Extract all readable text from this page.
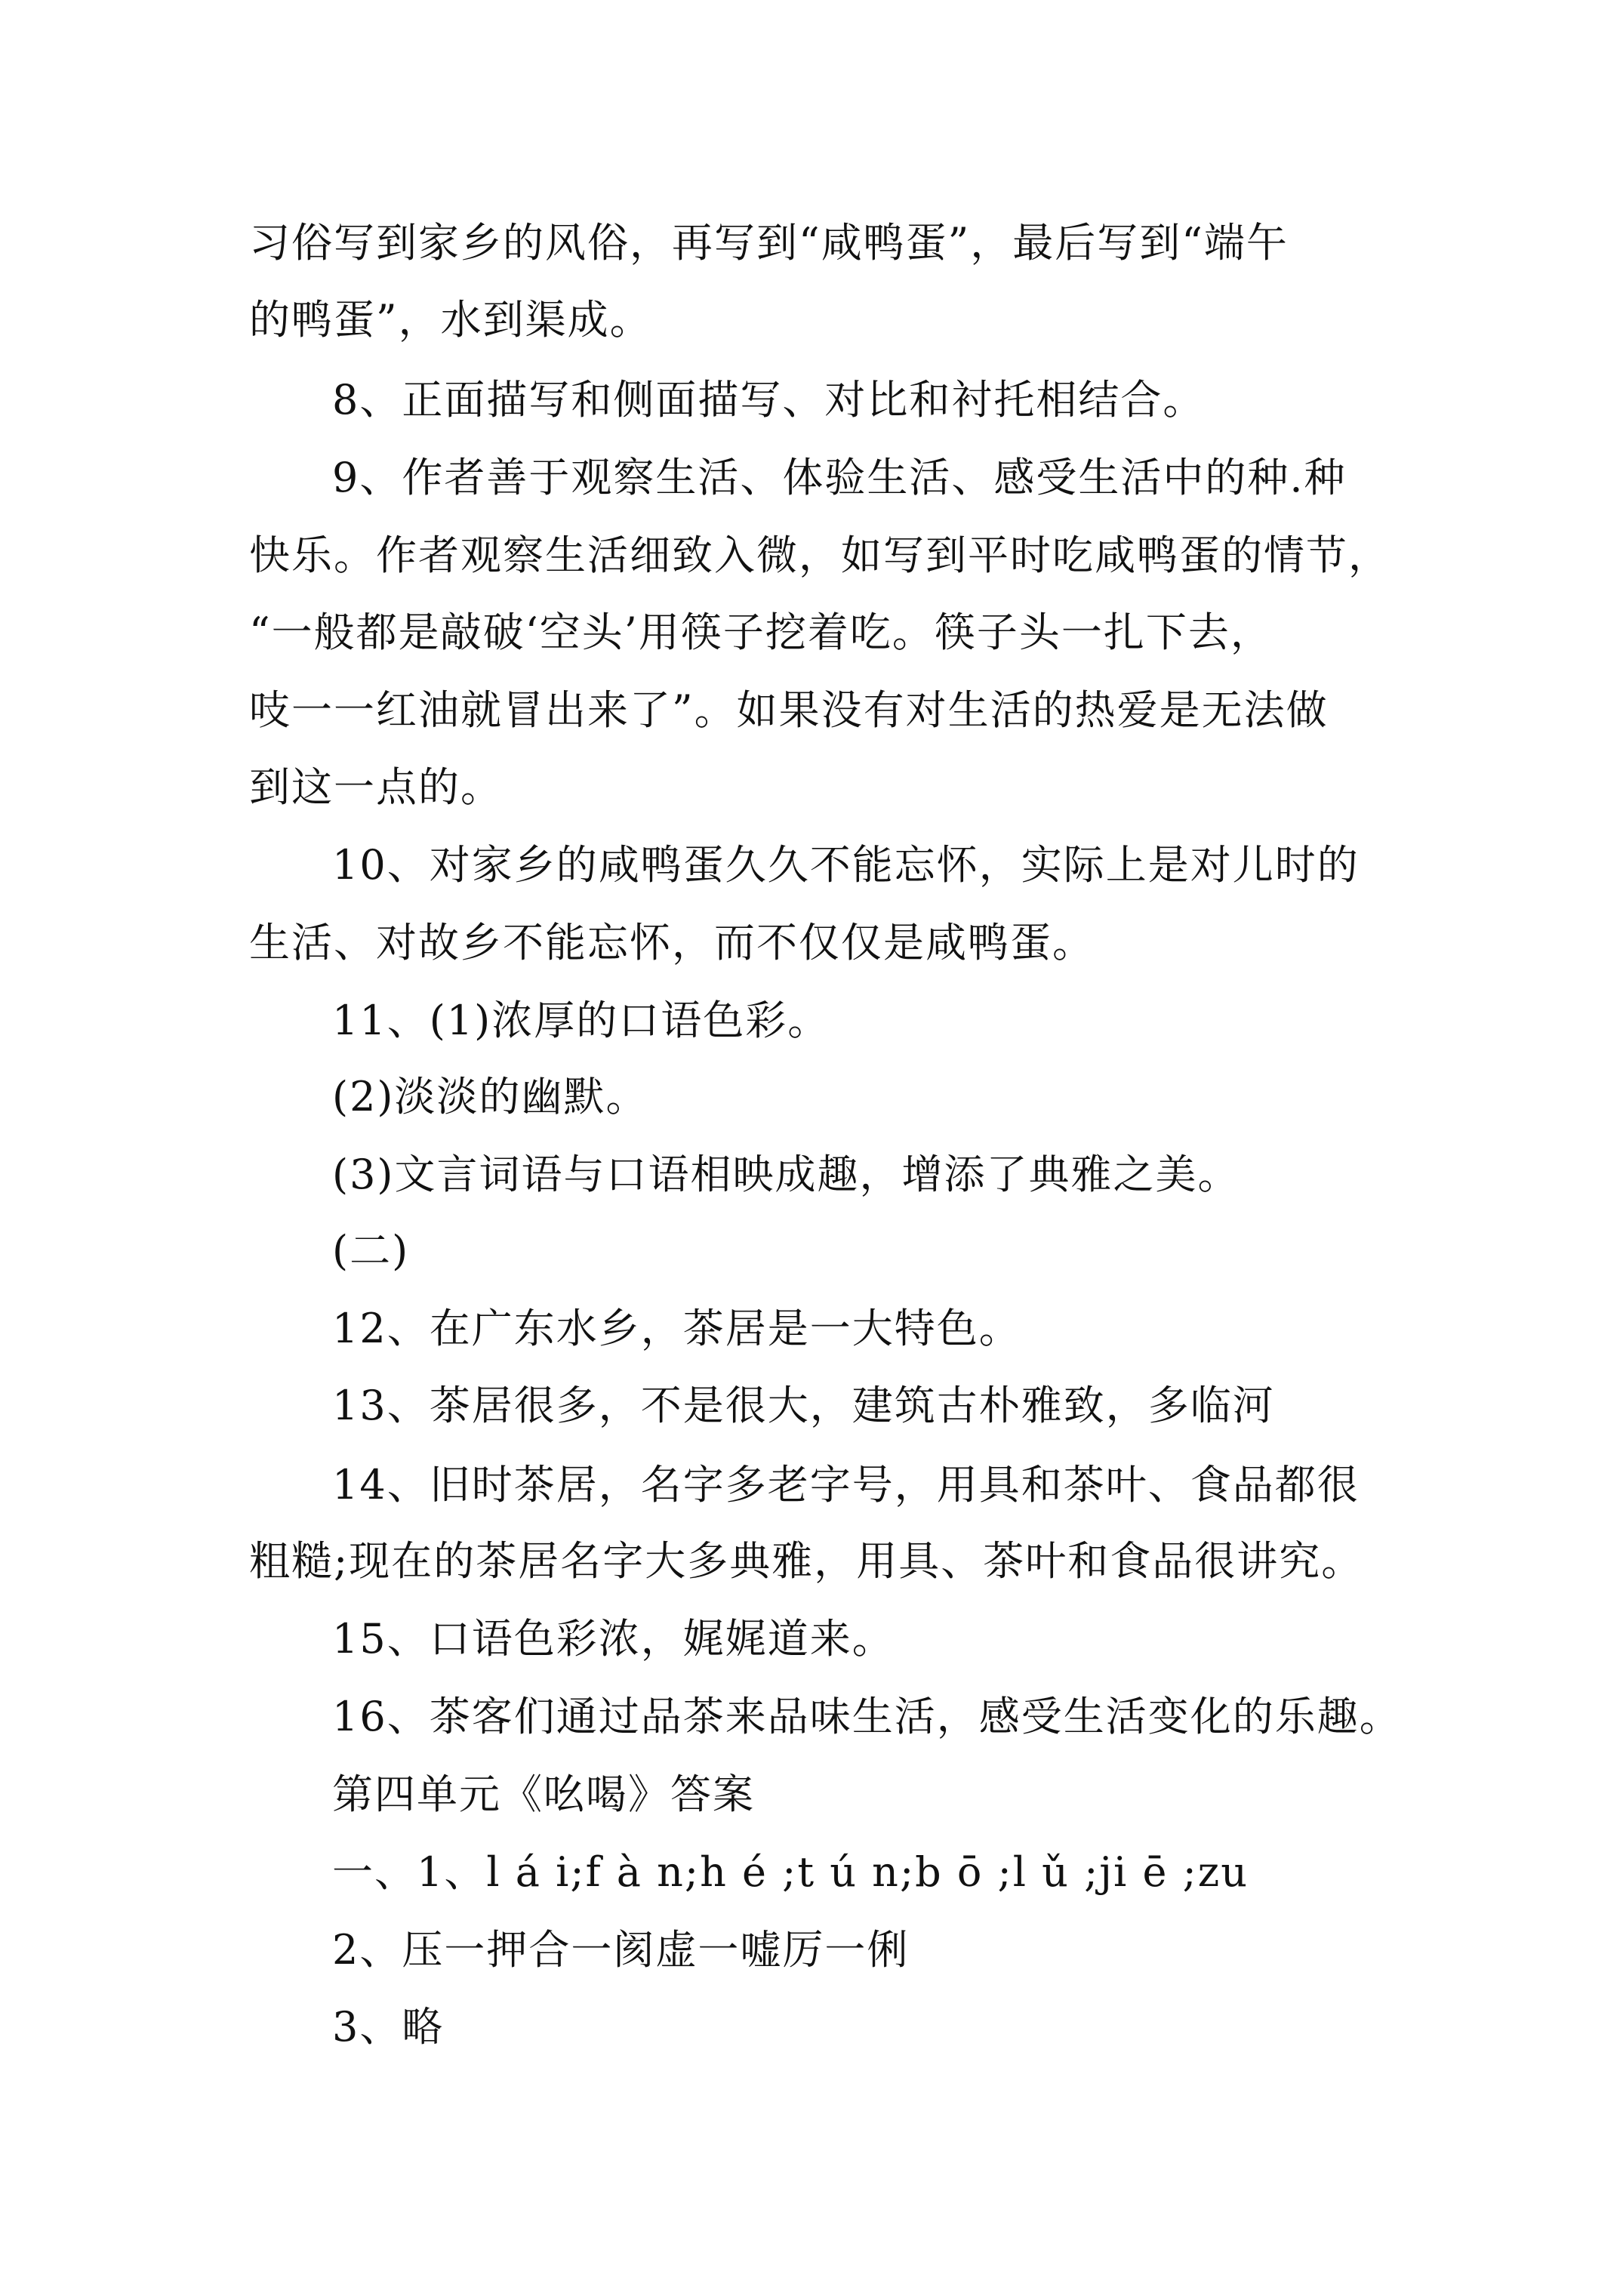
习俗写到家乡的风俗，再写到“咸鸭蛋”，最后写到“端午
的鸭蛋”，水到渠成。
8、正面描写和侧面描写、对比和衬托相结合。
9、作者善于观察生活、体验生活、感受生活中的种.种
快乐。作者观察生活细致入微，如写到平时吃咸鸭蛋的情节，
“一般都是敲破‘空头’用筷子挖着吃。筷子头一扎下去，
吱一一红油就冒出来了”。如果没有对生活的热爱是无法做
到这一点的。
10、对家乡的咸鸭蛋久久不能忘怀，实际上是对儿时的
生活、对故乡不能忘怀，而不仅仅是咸鸭蛋。
11、(1)浓厚的口语色彩。
(2)淡淡的幽默。
(3)文言词语与口语相映成趣，增添了典雅之美。
(二)
12、在广东水乡，茶居是一大特色。
13、茶居很多，不是很大，建筑古朴雅致，多临河
14、旧时茶居，名字多老字号，用具和茶叶、食品都很
粗糙;现在的茶居名字大多典雅，用具、茶叶和食品很讲究。
15、口语色彩浓，娓娓道来。
16、茶客们通过品茶来品味生活，感受生活变化的乐趣。
第四单元《吆喝》答案
一、1、l á i;f à n;h é ;t ú n;b ō ;l ǔ ;ji ē ;zu
2、压一押合一阂虚一嘘厉一俐
3、略
